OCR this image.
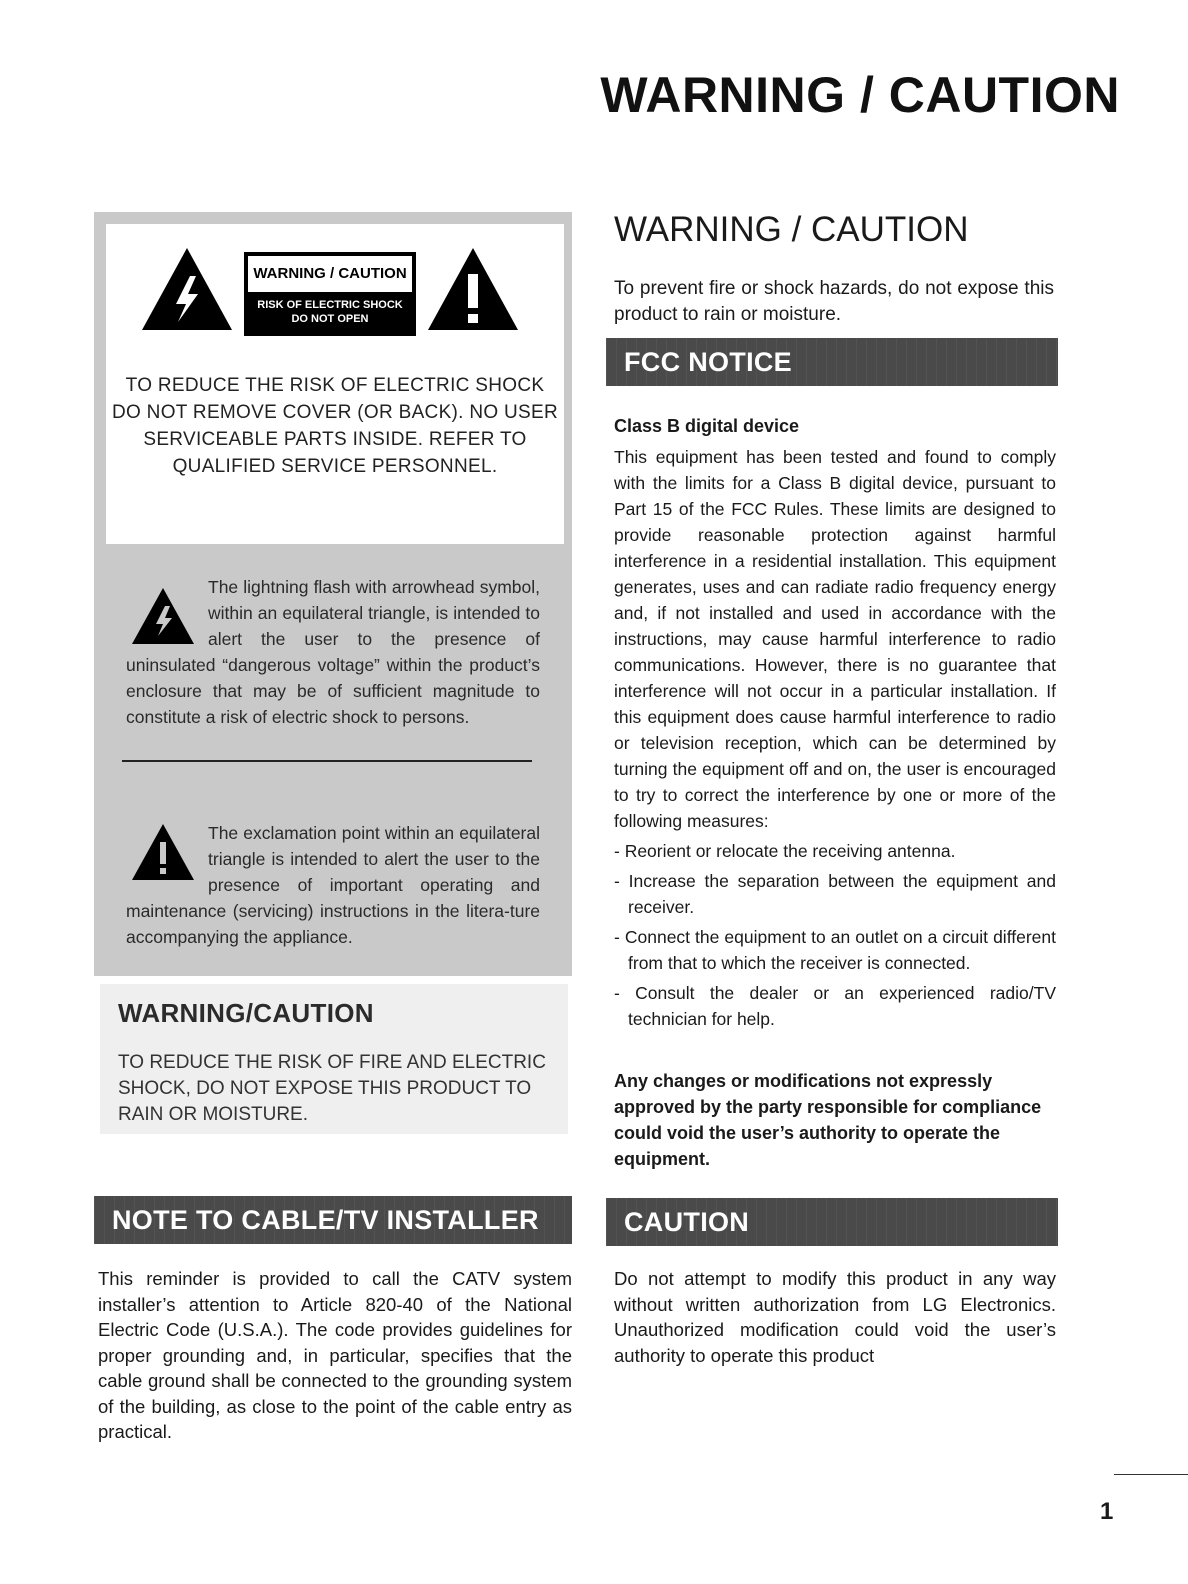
WARNING / CAUTION
WARNING / CAUTION
RISK OF ELECTRIC SHOCK
DO NOT OPEN
TO REDUCE THE RISK OF ELECTRIC SHOCK DO NOT REMOVE COVER (OR BACK). NO USER SERVICEABLE PARTS INSIDE. REFER TO QUALIFIED SERVICE PERSONNEL.
The lightning flash with arrowhead symbol, within an equilateral triangle, is intended to alert the user to the presence of uninsulated “dangerous voltage” within the product’s enclosure that may be of sufficient magnitude to constitute a risk of electric shock to persons.
The exclamation point within an equilateral triangle is intended to alert the user to the presence of important operating and maintenance (servicing) instructions in the litera-ture accompanying the appliance.
WARNING/CAUTION
TO REDUCE THE RISK OF FIRE AND ELECTRIC SHOCK, DO NOT EXPOSE THIS PRODUCT TO RAIN OR MOISTURE.
NOTE TO CABLE/TV INSTALLER
This reminder is provided to call the CATV system installer’s attention to Article 820-40 of the National Electric Code (U.S.A.). The code provides guidelines for proper grounding and, in particular, specifies that the cable ground shall be connected to the grounding system of the building, as close to the point of the cable entry as practical.
WARNING / CAUTION
To prevent fire or shock hazards, do not expose this product to rain or moisture.
FCC NOTICE
Class B digital device
This equipment has been tested and found to comply with the limits for a Class B digital device, pursuant to Part 15 of the FCC Rules. These limits are designed to provide reasonable protection against harmful interference in a residential installation. This equipment generates, uses and can radiate radio frequency energy and, if not installed and used in accordance with the instructions, may cause harmful interference to radio communications. However, there is no guarantee that interference will not occur in a particular installation. If this equipment does cause harmful interference to radio or television reception, which can be determined by turning the equipment off and on, the user is encouraged to try to correct the interference by one or more of the following measures:
- Reorient or relocate the receiving antenna.
- Increase the separation between the equipment and receiver.
- Connect the equipment to an outlet on a circuit different from that to which the receiver is connected.
- Consult the dealer or an experienced radio/TV technician for help.
Any changes or modifications not expressly approved by the party responsible for compliance could void the user’s authority to operate the equipment.
CAUTION
Do not attempt to modify this product in any way without written authorization from LG Electronics. Unauthorized modification could void the user’s authority to operate this product
1
